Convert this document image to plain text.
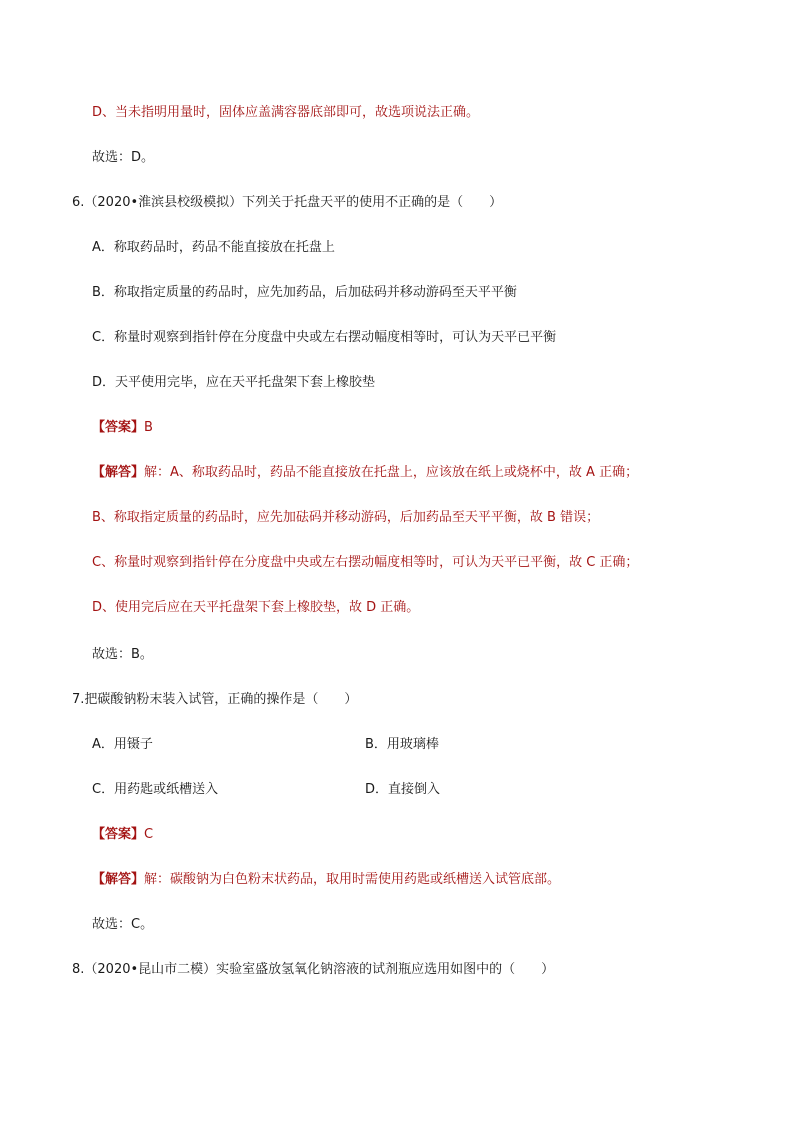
D、当未指明用量时，固体应盖满容器底部即可，故选项说法正确。
故选：D。
6.（2020•淮滨县校级模拟）下列关于托盘天平的使用不正确的是（　　）
A．称取药品时，药品不能直接放在托盘上
B．称取指定质量的药品时，应先加药品，后加砝码并移动游码至天平平衡
C．称量时观察到指针停在分度盘中央或左右摆动幅度相等时，可认为天平已平衡
D．天平使用完毕，应在天平托盘架下套上橡胶垫
【答案】B
【解答】解：A、称取药品时，药品不能直接放在托盘上，应该放在纸上或烧杯中，故 A 正确；
B、称取指定质量的药品时，应先加砝码并移动游码，后加药品至天平平衡，故 B 错误；
C、称量时观察到指针停在分度盘中央或左右摆动幅度相等时，可认为天平已平衡，故 C 正确；
D、使用完后应在天平托盘架下套上橡胶垫，故 D 正确。
故选：B。
7.把碳酸钠粉末装入试管，正确的操作是（　　）
A．用镊子	B．用玻璃棒
C．用药匙或纸槽送入	D．直接倒入
【答案】C
【解答】解：碳酸钠为白色粉末状药品，取用时需使用药匙或纸槽送入试管底部。
故选：C。
8.（2020•昆山市二模）实验室盛放氢氧化钠溶液的试剂瓶应选用如图中的（　　）
